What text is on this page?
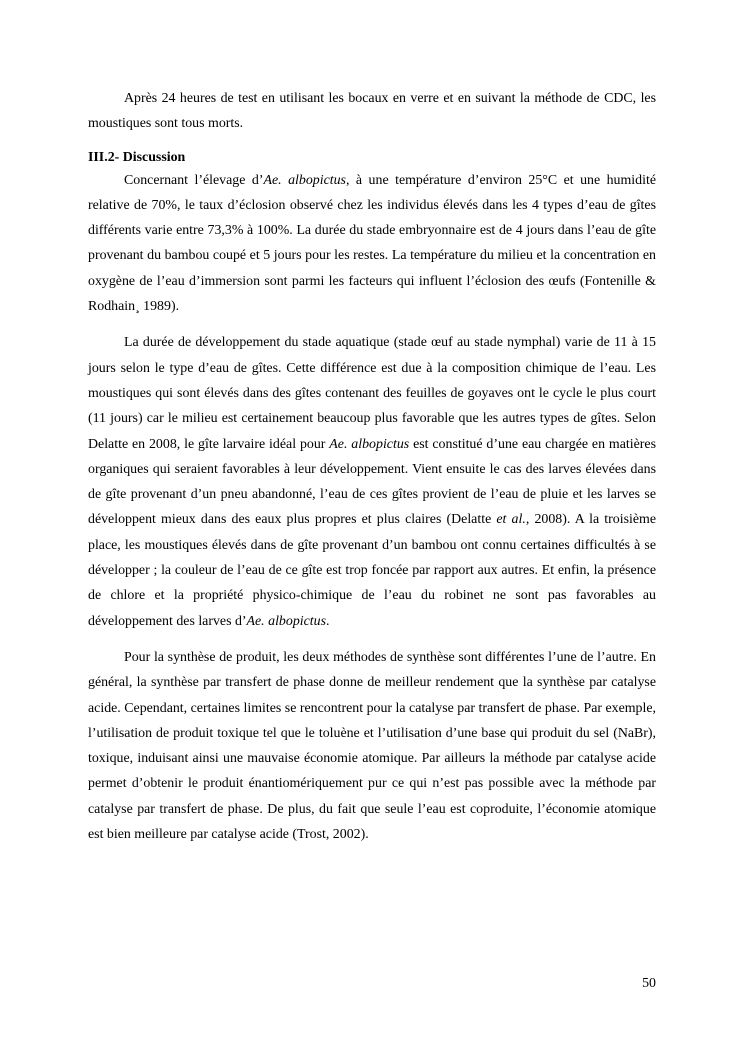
Après 24 heures de test en utilisant les bocaux en verre et en suivant la méthode de CDC, les moustiques sont tous morts.

III.2- Discussion

Concernant l’élevage d’Ae. albopictus, à une température d’environ 25°C et une humidité relative de 70%, le taux d’éclosion observé chez les individus élevés dans les 4 types d’eau de gîtes différents varie entre 73,3% à 100%. La durée du stade embryonnaire est de 4 jours dans l’eau de gîte provenant du bambou coupé et 5 jours pour les restes. La température du milieu et la concentration en oxygène de l’eau d’immersion sont parmi les facteurs qui influent l’éclosion des œufs (Fontenille & Rodhain¸ 1989).

La durée de développement du stade aquatique (stade œuf au stade nymphal) varie de 11 à 15 jours selon le type d’eau de gîtes. Cette différence est due à la composition chimique de l’eau. Les moustiques qui sont élevés dans des gîtes contenant des feuilles de goyaves ont le cycle le plus court (11 jours) car le milieu est certainement beaucoup plus favorable que les autres types de gîtes. Selon Delatte en 2008, le gîte larvaire idéal pour Ae. albopictus est constitué d’une eau chargée en matières organiques qui seraient favorables à leur développement. Vient ensuite le cas des larves élevées dans de gîte provenant d’un pneu abandonné, l’eau de ces gîtes provient de l’eau de pluie et les larves se développent mieux dans des eaux plus propres et plus claires (Delatte et al., 2008). A la troisième place, les moustiques élevés dans de gîte provenant d’un bambou ont connu certaines difficultés à se développer ; la couleur de l’eau de ce gîte est trop foncée par rapport aux autres. Et enfin, la présence de chlore et la propriété physico-chimique de l’eau du robinet ne sont pas favorables au développement des larves d’Ae. albopictus.

Pour la synthèse de produit, les deux méthodes de synthèse sont différentes l’une de l’autre. En général, la synthèse par transfert de phase donne de meilleur rendement que la synthèse par catalyse acide. Cependant, certaines limites se rencontrent pour la catalyse par transfert de phase. Par exemple, l’utilisation de produit toxique tel que le toluène et l’utilisation d’une base qui produit du sel (NaBr), toxique, induisant ainsi une mauvaise économie atomique. Par ailleurs la méthode par catalyse acide permet d’obtenir le produit énantiomériquement pur ce qui n’est pas possible avec la méthode par catalyse par transfert de phase. De plus, du fait que seule l’eau est coproduite, l’économie atomique est bien meilleure par catalyse acide (Trost, 2002).

50
